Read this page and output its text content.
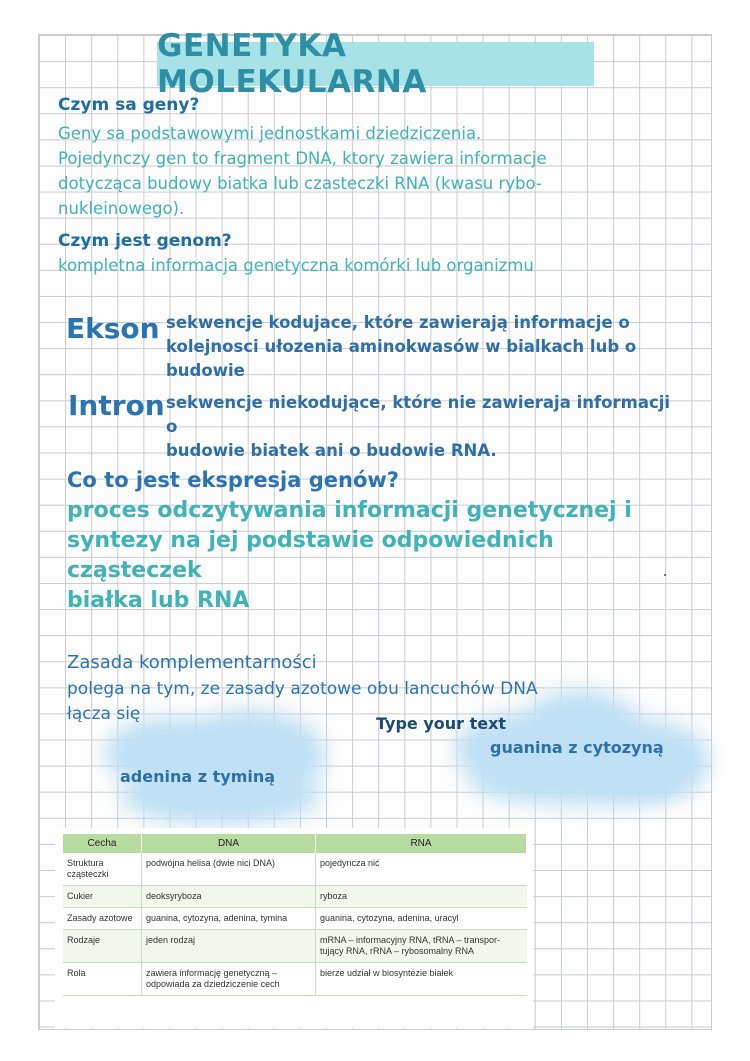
GENETYKA MOLEKULARNA
Czym sa geny?
Geny sa podstawowymi jednostkami dziedziczenia.
Pojedynczy gen to fragment DNA, ktory zawiera informacje
dotycząca budowy biatka lub czasteczki RNA (kwasu rybo-
nukleinowego).
Czym jest genom?
kompletna informacja genetyczna komórki lub organizmu
Ekson sekwencje kodujace, które zawierają informacje o
kolejnosci ułozenia aminokwasów w bialkach lub o budowie
Intron sekwencje niekodujące, które nie zawieraja informacji o
budowie biatek ani o budowie RNA.
Co to jest ekspresja genów?
proces odczytywania informacji genetycznej i
syntezy na jej podstawie odpowiednich cząsteczek
białka lub RNA
Zasada komplementarności
polega na tym, ze zasady azotowe obu lancuchów DNA
łącza się	Type your text
guanina z cytozyną
adenina z tyminą
Cecha	DNA	RNA
Struktura cząsteczki	podwójna helisa (dwie nici DNA)	pojedyncza nić
Cukier	deoksyryboza	ryboza
Zasady azotowe	guanina, cytozyna, adenina, tymina	guanina, cytozyna, adenina, uracyl
Rodzaje	jeden rodzaj	mRNA – informacyjny RNA, tRNA – transpor-tujący RNA, rRNA – rybosomalny RNA
Rola	zawiera informację genetyczną – odpowiada za dziedziczenie cech	bierze udział w biosyntezie białek
